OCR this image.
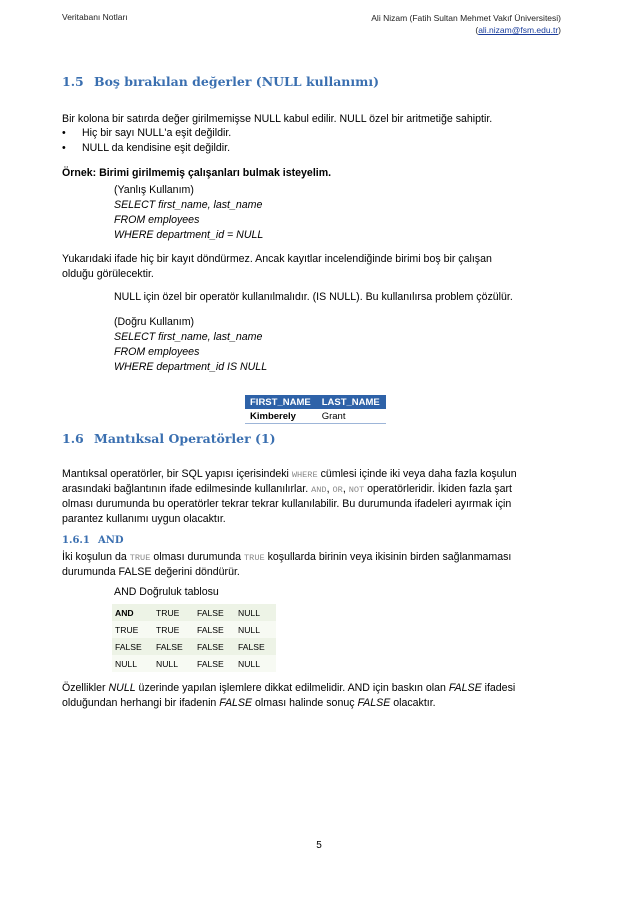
Veritabanı Notları	Ali Nizam (Fatih Sultan Mehmet Vakıf Üniversitesi)
(ali.nizam@fsm.edu.tr)
1.5 Boş bırakılan değerler (NULL kullanımı)
Bir kolona bir satırda değer girilmemişse NULL kabul edilir. NULL özel bir aritmetiğe sahiptir.
• Hiç bir sayı NULL'a eşit değildir.
• NULL da kendisine eşit değildir.
Örnek: Birimi girilmemiş çalışanları bulmak isteyelim.
(Yanlış Kullanım)
SELECT first_name, last_name
FROM employees
WHERE department_id = NULL
Yukarıdaki ifade hiç bir kayıt döndürmez. Ancak kayıtlar incelendiğinde birimi boş bir çalışan
olduğu görülecektir.
NULL için özel bir operatör kullanılmalıdır. (IS NULL). Bu kullanılırsa problem çözülür.
(Doğru Kullanım)
SELECT first_name, last_name
FROM employees
WHERE department_id IS NULL
FIRST_NAME	LAST_NAME
Kimberely	Grant
1.6 Mantıksal Operatörler (1)
Mantıksal operatörler, bir SQL yapısı içerisindeki WHERE cümlesi içinde iki veya daha fazla koşulun
arasındaki bağlantının ifade edilmesinde kullanılırlar. AND, OR, NOT operatörleridir. İkiden fazla şart
olması durumunda bu operatörler tekrar tekrar kullanılabilir. Bu durumunda ifadeleri ayırmak için
parantez kullanımı uygun olacaktır.
1.6.1 AND
İki koşulun da TRUE olması durumunda TRUE koşullarda birinin veya ikisinin birden sağlanmaması
durumunda FALSE değerini döndürür.
AND Doğruluk tablosu
AND	TRUE	FALSE	NULL
TRUE	TRUE	FALSE	NULL
FALSE	FALSE	FALSE	FALSE
NULL	NULL	FALSE	NULL
Özellikler NULL üzerinde yapılan işlemlere dikkat edilmelidir. AND için baskın olan FALSE ifadesi
olduğundan herhangi bir ifadenin FALSE olması halinde sonuç FALSE olacaktır.
5
